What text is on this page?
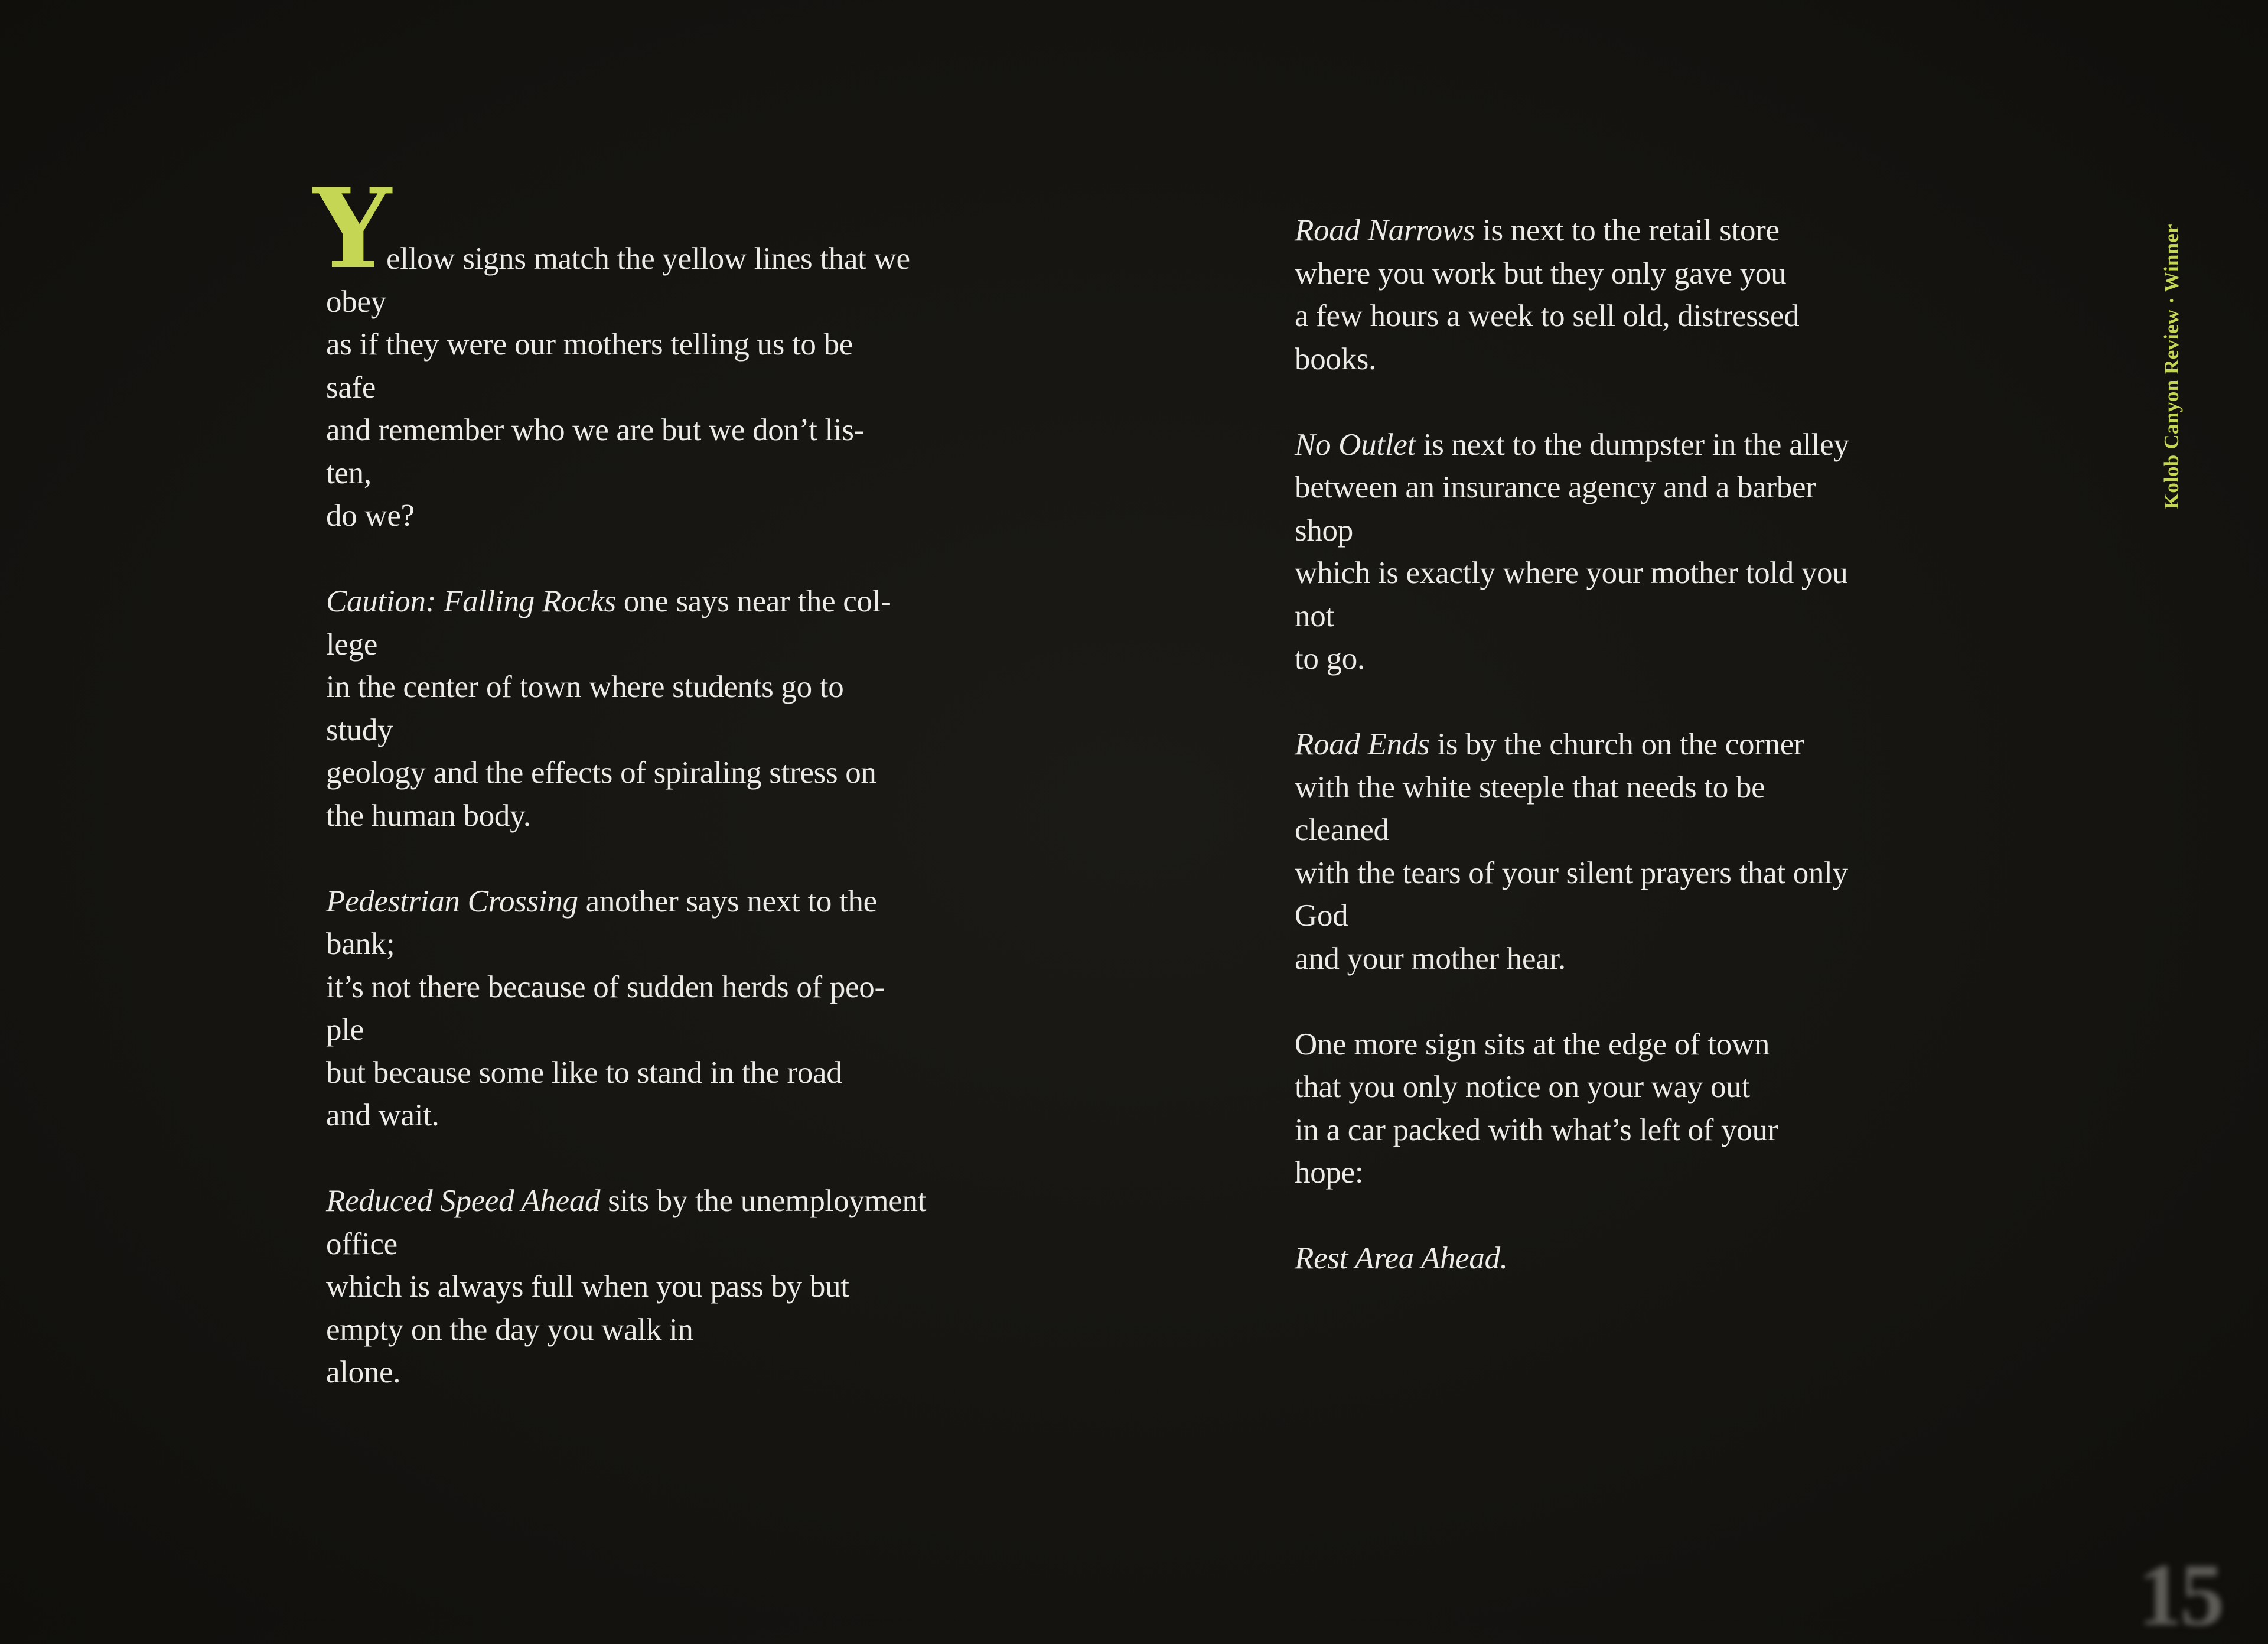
Y
ellow signs match the yellow lines that we
obey
as if they were our mothers telling us to be
safe
and remember who we are but we don’t lis-
ten,
do we?
Caution: Falling Rocks one says near the col-
lege
in the center of town where students go to
study
geology and the effects of spiraling stress on
the human body.
Pedestrian Crossing another says next to the
bank;
it’s not there because of sudden herds of peo-
ple
but because some like to stand in the road
and wait.
Reduced Speed Ahead sits by the unemployment
office
which is always full when you pass by but
empty on the day you walk in
alone.
Road Narrows is next to the retail store
where you work but they only gave you
a few hours a week to sell old, distressed
books.
No Outlet is next to the dumpster in the alley
between an insurance agency and a barber
shop
which is exactly where your mother told you
not
to go.
Road Ends is by the church on the corner
with the white steeple that needs to be
cleaned
with the tears of your silent prayers that only
God
and your mother hear.
One more sign sits at the edge of town
that you only notice on your way out
in a car packed with what’s left of your
hope:
Rest Area Ahead.
Kolob Canyon Review · Winner
15
